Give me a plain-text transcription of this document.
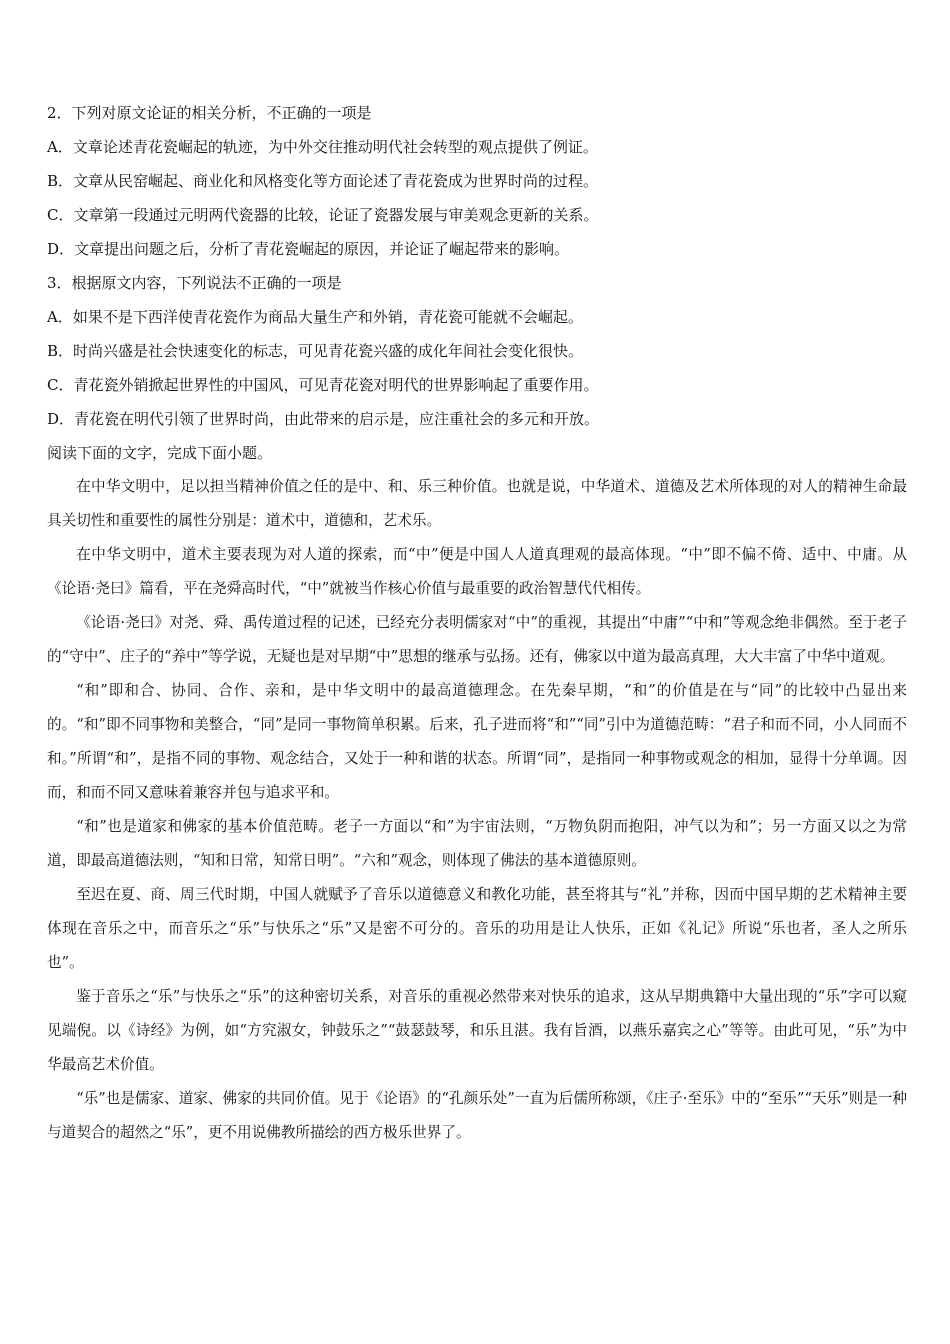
2．下列对原文论证的相关分析，不正确的一项是

A．文章论述青花瓷崛起的轨迹，为中外交往推动明代社会转型的观点提供了例证。

B．文章从民窑崛起、商业化和风格变化等方面论述了青花瓷成为世界时尚的过程。

C．文章第一段通过元明两代瓷器的比较，论证了瓷器发展与审美观念更新的关系。

D．文章提出问题之后，分析了青花瓷崛起的原因，并论证了崛起带来的影响。

3．根据原文内容，下列说法不正确的一项是

A．如果不是下西洋使青花瓷作为商品大量生产和外销，青花瓷可能就不会崛起。

B．时尚兴盛是社会快速变化的标志，可见青花瓷兴盛的成化年间社会变化很快。

C．青花瓷外销掀起世界性的中国风，可见青花瓷对明代的世界影响起了重要作用。

D．青花瓷在明代引领了世界时尚，由此带来的启示是，应注重社会的多元和开放。

阅读下面的文字，完成下面小题。

在中华文明中，足以担当精神价值之任的是中、和、乐三种价值。也就是说，中华道术、道德及艺术所体现的对人的精神生命最具关切性和重要性的属性分别是：道术中，道德和，艺术乐。

在中华文明中，道术主要表现为对人道的探索，而“中”便是中国人人道真理观的最高体现。“中”即不偏不倚、适中、中庸。从《论语·尧曰》篇看，平在尧舜高时代，“中”就被当作核心价值与最重要的政治智慧代代相传。

《论语·尧曰》对尧、舜、禹传道过程的记述，已经充分表明儒家对“中”的重视，其提出“中庸”“中和”等观念绝非偶然。至于老子的“守中”、庄子的“养中”等学说，无疑也是对早期“中”思想的继承与弘扬。还有，佛家以中道为最高真理，大大丰富了中华中道观。

“和”即和合、协同、合作、亲和，是中华文明中的最高道德理念。在先秦早期，“和”的价值是在与“同”的比较中凸显出来的。“和”即不同事物和美整合，“同”是同一事物简单积累。后来，孔子进而将“和”“同”引中为道德范畴：“君子和而不同，小人同而不和。”所谓“和”，是指不同的事物、观念结合，又处于一种和谐的状态。所谓“同”，是指同一种事物或观念的相加，显得十分单调。因而，和而不同又意味着兼容并包与追求平和。

“和”也是道家和佛家的基本价值范畴。老子一方面以“和”为宇宙法则，“万物负阴而抱阳，冲气以为和”；另一方面又以之为常道，即最高道德法则，“知和日常，知常日明”。“六和”观念，则体现了佛法的基本道德原则。

至迟在夏、商、周三代时期，中国人就赋予了音乐以道德意义和教化功能，甚至将其与“礼”并称，因而中国早期的艺术精神主要体现在音乐之中，而音乐之“乐”与快乐之“乐”又是密不可分的。音乐的功用是让人快乐，正如《礼记》所说“乐也者，圣人之所乐也”。

鉴于音乐之“乐”与快乐之“乐”的这种密切关系，对音乐的重视必然带来对快乐的追求，这从早期典籍中大量出现的“乐”字可以窥见端倪。以《诗经》为例，如“方究淑女，钟鼓乐之”“鼓瑟鼓琴，和乐且湛。我有旨酒，以燕乐嘉宾之心”等等。由此可见，“乐”为中华最高艺术价值。

“乐”也是儒家、道家、佛家的共同价值。见于《论语》的“孔颜乐处”一直为后儒所称颂，《庄子·至乐》中的“至乐”“天乐”则是一种与道契合的超然之“乐”，更不用说佛教所描绘的西方极乐世界了。
